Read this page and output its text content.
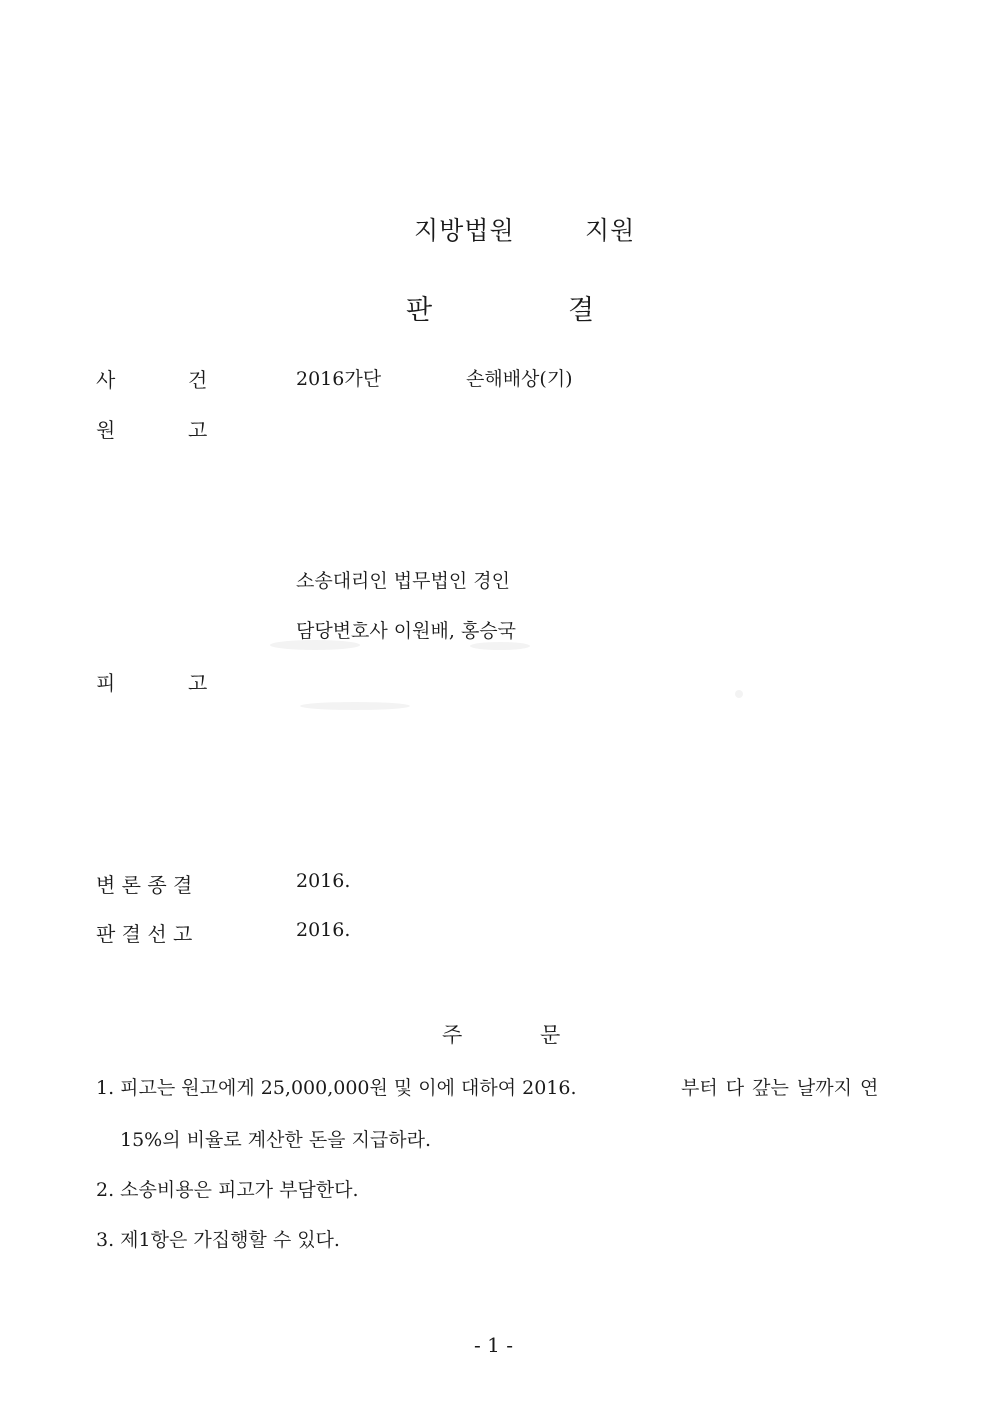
지방법원	지원
판	결
사	건	2016가단	손해배상(기)
원	고
소송대리인 법무법인 경인
담당변호사 이원배, 홍승국
피	고
변 론 종 결	2016.
판 결 선 고	2016.
주	문
1. 피고는 원고에게 25,000,000원 및 이에 대하여 2016.	부터 다 갚는 날까지 연
15%의 비율로 계산한 돈을 지급하라.
2. 소송비용은 피고가 부담한다.
3. 제1항은 가집행할 수 있다.
- 1 -
